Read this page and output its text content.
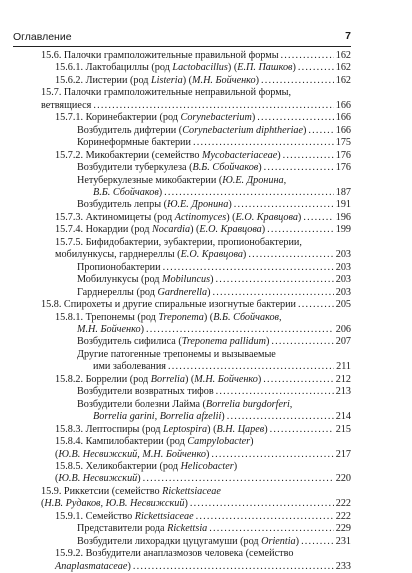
Оглавление	7
15.6. Палочки грамположительные правильной формы .....	162
15.6.1. Лактобациллы (род Lactobacillus) (Е.П. Пашков) .....	162
15.6.2. Листерии (род Listeria) (М.Н. Бойченко) .....	162
15.7. Палочки грамположительные неправильной формы,
ветвящиеся .....	166
15.7.1. Коринебактерии (род Corynebacterium) .....	166
Возбудитель дифтерии (Corynebacterium diphtheriae) .....	166
Коринеформные бактерии .....	175
15.7.2. Микобактерии (семейство Mycobacteriaceae) .....	176
Возбудители туберкулеза (В.Б. Сбойчаков) .....	176
Нетуберкулезные микобактерии (Ю.Е. Дронина,
В.Б. Сбойчаков) .....	187
Возбудитель лепры (Ю.Е. Дронина) .....	191
15.7.3. Актиномицеты (род Actinomyces) (Е.О. Кравцова) .....	196
15.7.4. Нокардии (род Nocardia) (Е.О. Кравцова) .....	199
15.7.5. Бифидобактерии, эубактерии, пропионобактерии,
мобилункусы, гарднереллы (Е.О. Кравцова) .....	203
Пропионобактерии .....	203
Мобилункусы (род Mobiluncus) .....	203
Гарднереллы (род Gardnerella) .....	203
15.8. Спирохеты и другие спиральные изогнутые бактерии .....	205
15.8.1. Трепонемы (род Treponema) (В.Б. Сбойчаков,
М.Н. Бойченко) .....	206
Возбудитель сифилиса (Treponema pallidum) .....	207
Другие патогенные трепонемы и вызываемые
ими заболевания .....	211
15.8.2. Боррелии (род Borrelia) (М.Н. Бойченко) .....	212
Возбудители возвратных тифов .....	213
Возбудители болезни Лайма (Borrelia burgdorferi,
Borrelia garini, Borrelia afzelii) .....	214
15.8.3. Лептоспиры (род Leptospira) (В.Н. Царев) .....	215
15.8.4. Кампилобактерии (род Campylobacter)
(Ю.В. Несвижский, М.Н. Бойченко) .....	217
15.8.5. Хеликобактерии (род Helicobacter)
(Ю.В. Несвижский) .....	220
15.9. Риккетсии (семейство Rickettsiaceae
(Н.В. Рудаков, Ю.В. Несвижский) .....	222
15.9.1. Семейство Rickettsiaceae .....	222
Представители рода Rickettsia .....	229
Возбудители лихорадки цуцугамуши (род Orientia) .....	231
15.9.2. Возбудители анаплазмозов человека (семейство
Anaplasmataceae) .....	233
